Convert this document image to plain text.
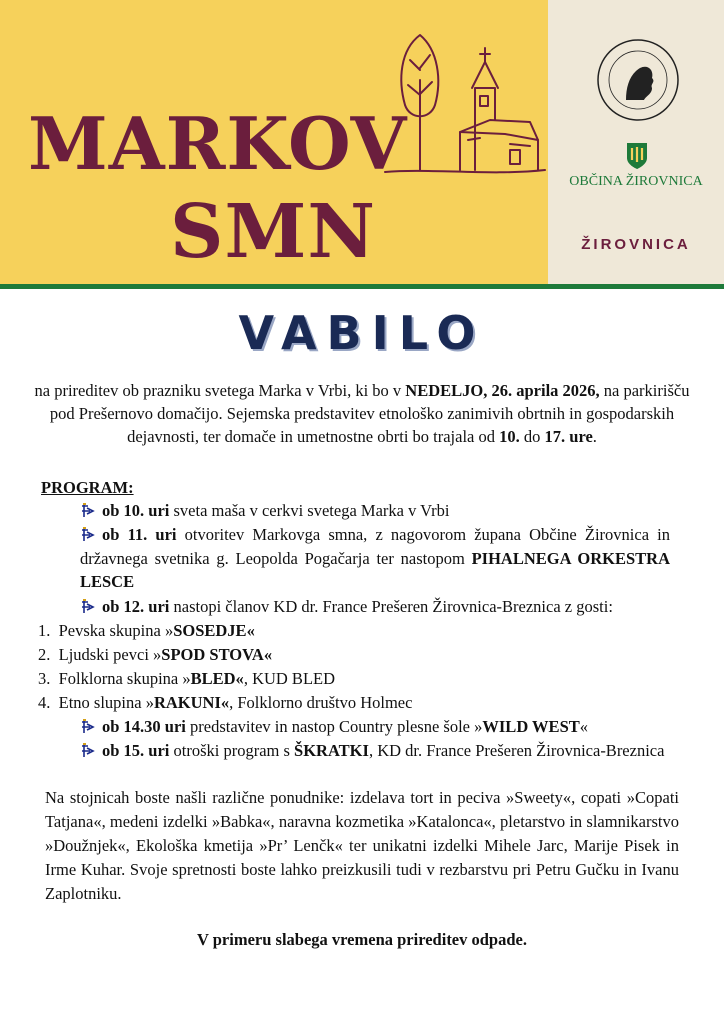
MARKOV
SMN
OBČINA ŽIROVNICA
ŽIROVNICA
VABILO
na prireditev ob prazniku svetega Marka v Vrbi, ki bo v NEDELJO, 26. aprila 2026, na parkirišču pod Prešernovo domačijo. Sejemska predstavitev etnološko zanimivih obrtnih in gospodarskih dejavnosti, ter domače in umetnostne obrti bo trajala od 10. do 17. ure.
PROGRAM:
ob 10. uri sveta maša v cerkvi svetega Marka v Vrbi
ob 11. uri otvoritev Markovga smna, z nagovorom župana Občine Žirovnica in državnega svetnika g. Leopolda Pogačarja ter nastopom PIHALNEGA ORKESTRA LESCE
ob 12. uri nastopi članov KD dr. France Prešeren Žirovnica-Breznica z gosti:
1. Pevska skupina »SOSEDJE«
2. Ljudski pevci »SPOD STOVA«
3. Folklorna skupina »BLED«, KUD BLED
4. Etno slupina »RAKUNI«, Folklorno društvo Holmec
ob 14.30 uri predstavitev in nastop Country plesne šole »WILD WEST«
ob 15. uri otroški program s ŠKRATKI, KD dr. France Prešeren Žirovnica-Breznica
Na stojnicah boste našli različne ponudnike: izdelava tort in peciva »Sweety«, copati »Copati Tatjana«, medeni izdelki »Babka«, naravna kozmetika »Katalonca«, pletarstvo in slamnikarstvo »Doužnjek«, Ekološka kmetija »Pr’ Lenčk« ter unikatni izdelki Mihele Jarc, Marije Pisek in Irme Kuhar. Svoje spretnosti boste lahko preizkusili tudi v rezbarstvu pri Petru Gučku in Ivanu Zaplotniku.
V primeru slabega vremena prireditev odpade.
